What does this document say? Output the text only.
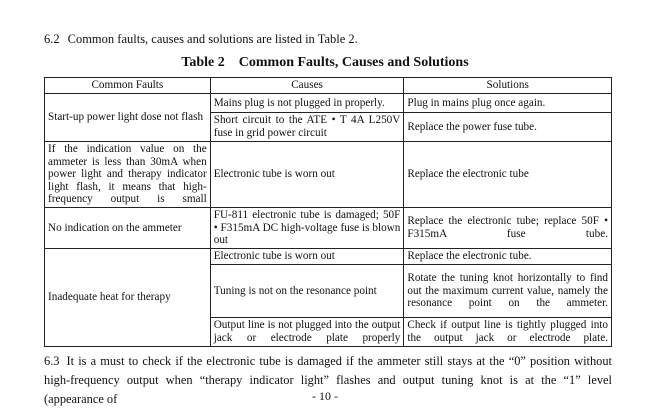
6.2 Common faults, causes and solutions are listed in Table 2.
Table 2    Common Faults, Causes and Solutions
Common Faults	Causes	Solutions
Start-up power light dose not flash	Mains plug is not plugged in properly.	Plug in mains plug once again.
	Short circuit to the ATE • T 4A L250V fuse in grid power circuit	Replace the power fuse tube.
If the indication value on the ammeter is less than 30mA when power light and therapy indicator light flash, it means that high-frequency output is small	Electronic tube is worn out	Replace the electronic tube
No indication on the ammeter	FU-811 electronic tube is damaged; 50F • F315mA DC high-voltage fuse is blown out	Replace the electronic tube; replace 50F • F315mA fuse tube.
Inadequate heat for therapy	Electronic tube is worn out	Replace the electronic tube.
	Tuning is not on the resonance point	Rotate the tuning knot horizontally to find out the maximum current value, namely the resonance point on the ammeter.
	Output line is not plugged into the output jack or electrode plate properly	Check if output line is tightly plugged into the output jack or electrode plate.
6.3 It is a must to check if the electronic tube is damaged if the ammeter still stays at the “0” position without high-frequency output when “therapy indicator light” flashes and output tuning knot is at the “1” level (appearance of	- 10 -
